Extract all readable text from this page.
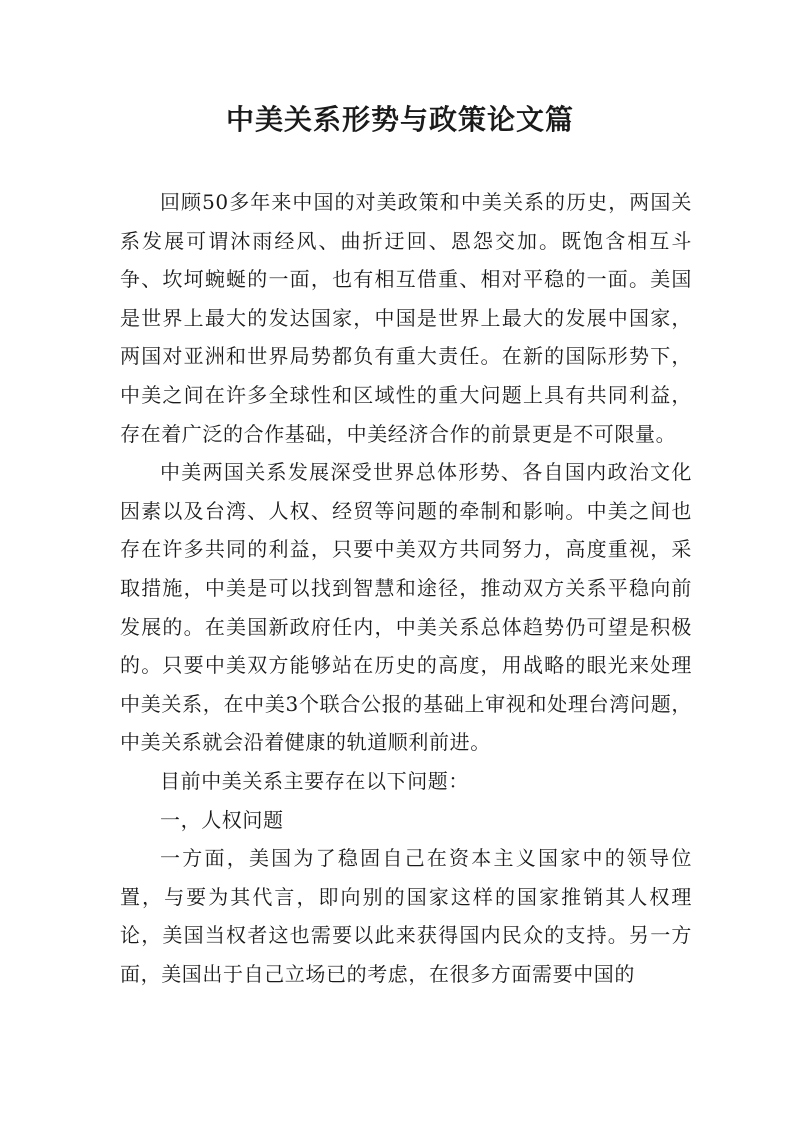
中美关系形势与政策论文篇

回顾50多年来中国的对美政策和中美关系的历史，两国关系发展可谓沐雨经风、曲折迂回、恩怨交加。既饱含相互斗争、坎坷蜿蜒的一面，也有相互借重、相对平稳的一面。美国是世界上最大的发达国家，中国是世界上最大的发展中国家，两国对亚洲和世界局势都负有重大责任。在新的国际形势下，中美之间在许多全球性和区域性的重大问题上具有共同利益，存在着广泛的合作基础，中美经济合作的前景更是不可限量。

中美两国关系发展深受世界总体形势、各自国内政治文化因素以及台湾、人权、经贸等问题的牵制和影响。中美之间也存在许多共同的利益，只要中美双方共同努力，高度重视，采取措施，中美是可以找到智慧和途径，推动双方关系平稳向前发展的。在美国新政府任内，中美关系总体趋势仍可望是积极的。只要中美双方能够站在历史的高度，用战略的眼光来处理中美关系，在中美3个联合公报的基础上审视和处理台湾问题，中美关系就会沿着健康的轨道顺利前进。

目前中美关系主要存在以下问题：

一，人权问题

一方面，美国为了稳固自己在资本主义国家中的领导位置，与要为其代言，即向别的国家这样的国家推销其人权理论，美国当权者这也需要以此来获得国内民众的支持。另一方面，美国出于自己立场已的考虑，在很多方面需要中国的
